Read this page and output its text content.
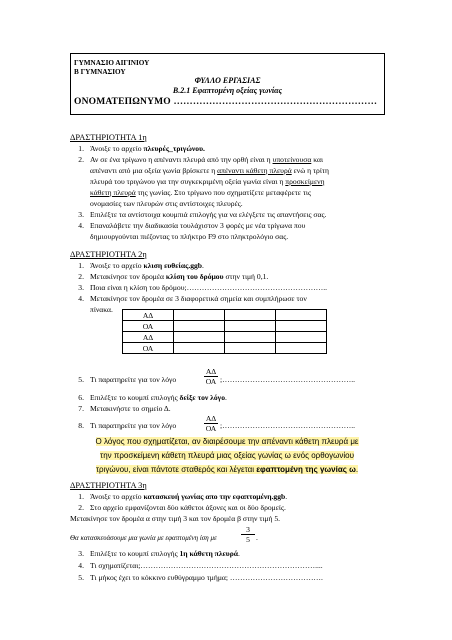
ΓΥΜΝΑΣΙΟ ΑΙΓΙΝΙΟΥ
Β ΓΥΜΝΑΣΙΟΥ
ΦΥΛΛΟ ΕΡΓΑΣΙΑΣ
Β.2.1 Εφαπτομένη οξείας γωνίας
ΟΝΟΜΑΤΕΠΩΝΥΜΟ ………………………………………………………
ΔΡΑΣΤΗΡΙΟΤΗΤΑ 1η
1. Άνοιξε το αρχείο πλευρές_τριγώνου.
2. Αν σε ένα τρίγωνο η απέναντι πλευρά από την ορθή είναι η υποτείνουσα και
απέναντι από μια οξεία γωνία βρίσκετε η απέναντι κάθετη πλευρά ενώ η τρίτη
πλευρά του τριγώνου για την συγκεκριμένη οξεία γωνία είναι η προσκείμενη
κάθετη πλευρά της γωνίας. Στο τρίγωνο που σχηματίζετε μεταφέρετε τις
ονομασίες των πλευρών στις αντίστοιχες πλευρές.
3. Επιλέξτε τα αντίστοιχα κουμπιά επιλογής για να ελέγξετε τις απαντήσεις σας.
4. Επαναλάβετε την διαδικασία τουλάχιστον 3 φορές με νέα τρίγωνα που
δημιουργούνται πιέζοντας το πλήκτρο F9 στο πληκτρολόγιο σας.
ΔΡΑΣΤΗΡΙΟΤΗΤΑ 2η
1. Άνοιξε το αρχείο κλιση ευθείας.ggb.
2. Μετακίνησε τον δρομέα κλίση του δρόμου στην τιμή 0,1.
3. Ποια είναι η κλίση του δρόμου;………………………………………………..
4. Μετακίνησε τον δρομέα σε 3 διαφορετικά σημεία και συμπλήρωσε τον
πίνακα.
ΑΔ			
ΟΑ			
ΑΔ			
ΟΑ			
5. Τι παρατηρείτε για τον λόγο	$\frac{A\Delta}{OA}$ ;……………………………………………..
6. Επιλέξτε το κουμπί επιλογής δείξε τον λόγο.
7. Μετακινήστε το σημείο Δ.
8. Τι παρατηρείτε για τον λόγο	$\frac{A\Delta}{OA}$ ;……………………………………………..
Ο λόγος που σχηματίζεται, αν διαιρέσουμε την απέναντι κάθετη πλευρά με
την προσκείμενη κάθετη πλευρά μιας οξείας γωνίας ω ενός ορθογωνίου
τριγώνου, είναι πάντοτε σταθερός και λέγεται εφαπτομένη της γωνίας ω.
ΔΡΑΣΤΗΡΙΟΤΗΤΑ 3η
1. Άνοιξε το αρχείο κατασκευή γωνίας απο την εφαπτομένη.ggb.
2. Στο αρχείο εμφανίζονται δύο κάθετοι άξονες και οι δύο δρομείς.
Μετακίνησε τον δρομέα α στην τιμή 3 και τον δρομέα β στην τιμή 5.
Θα κατασκευάσουμε μια γωνία με εφαπτομένη ίση με	$\frac{3}{5}$ .
3. Επιλέξτε το κουμπί επιλογής 1η κάθετη πλευρά.
4. Τι σχηματίζεται;……………………………………………………………....
5. Τι μήκος έχει το κόκκινο ευθύγραμμο τμήμα; ……………………………….
